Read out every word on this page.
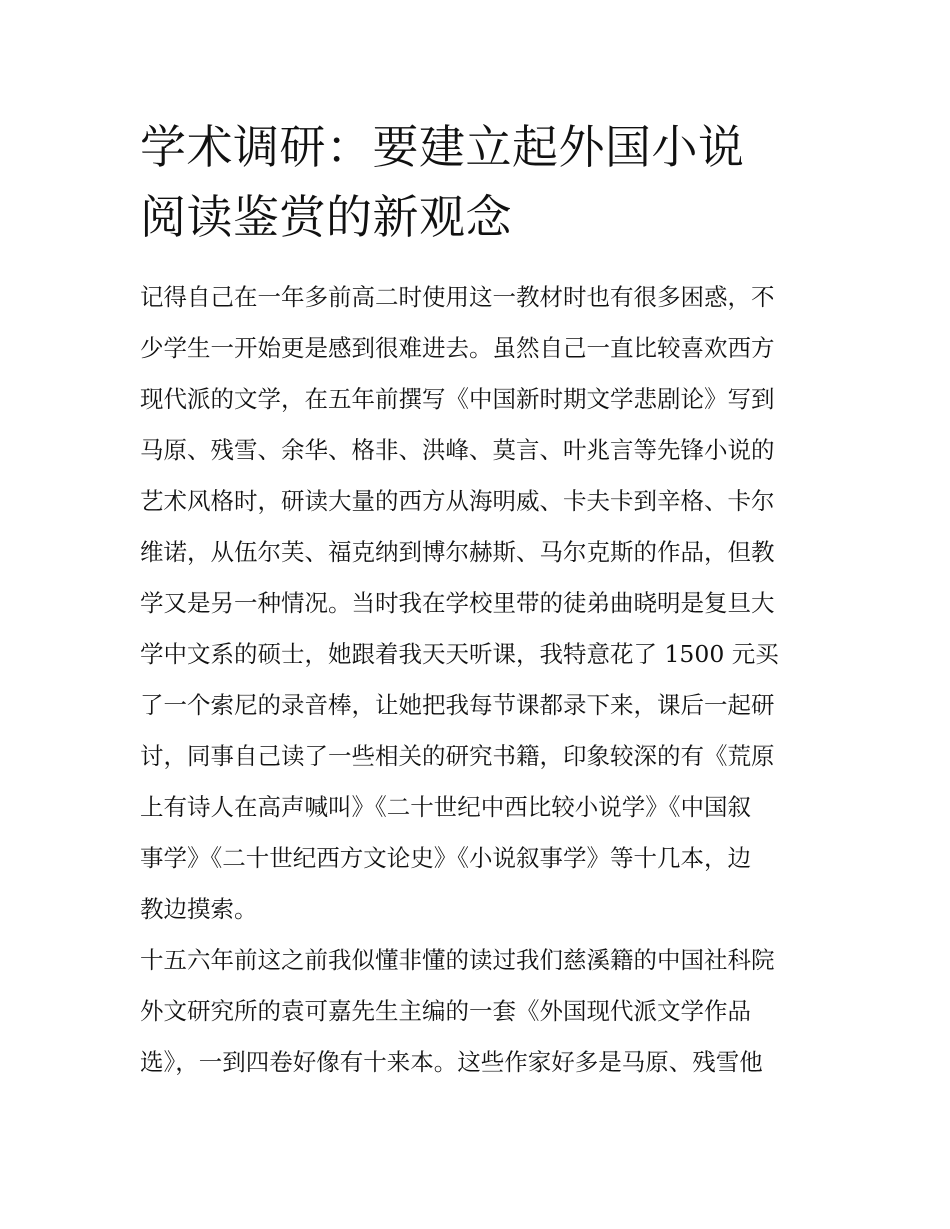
学术调研：要建立起外国小说
阅读鉴赏的新观念
记得自己在一年多前高二时使用这一教材时也有很多困惑，不
少学生一开始更是感到很难进去。虽然自己一直比较喜欢西方
现代派的文学，在五年前撰写《中国新时期文学悲剧论》写到
马原、残雪、余华、格非、洪峰、莫言、叶兆言等先锋小说的
艺术风格时，研读大量的西方从海明威、卡夫卡到辛格、卡尔
维诺，从伍尔芙、福克纳到博尔赫斯、马尔克斯的作品，但教
学又是另一种情况。当时我在学校里带的徒弟曲晓明是复旦大
学中文系的硕士，她跟着我天天听课，我特意花了 1500 元买
了一个索尼的录音棒，让她把我每节课都录下来，课后一起研
讨，同事自己读了一些相关的研究书籍，印象较深的有《荒原
上有诗人在高声喊叫》《二十世纪中西比较小说学》《中国叙
事学》《二十世纪西方文论史》《小说叙事学》等十几本，边
教边摸索。
十五六年前这之前我似懂非懂的读过我们慈溪籍的中国社科院
外文研究所的袁可嘉先生主编的一套《外国现代派文学作品
选》，一到四卷好像有十来本。这些作家好多是马原、残雪他
